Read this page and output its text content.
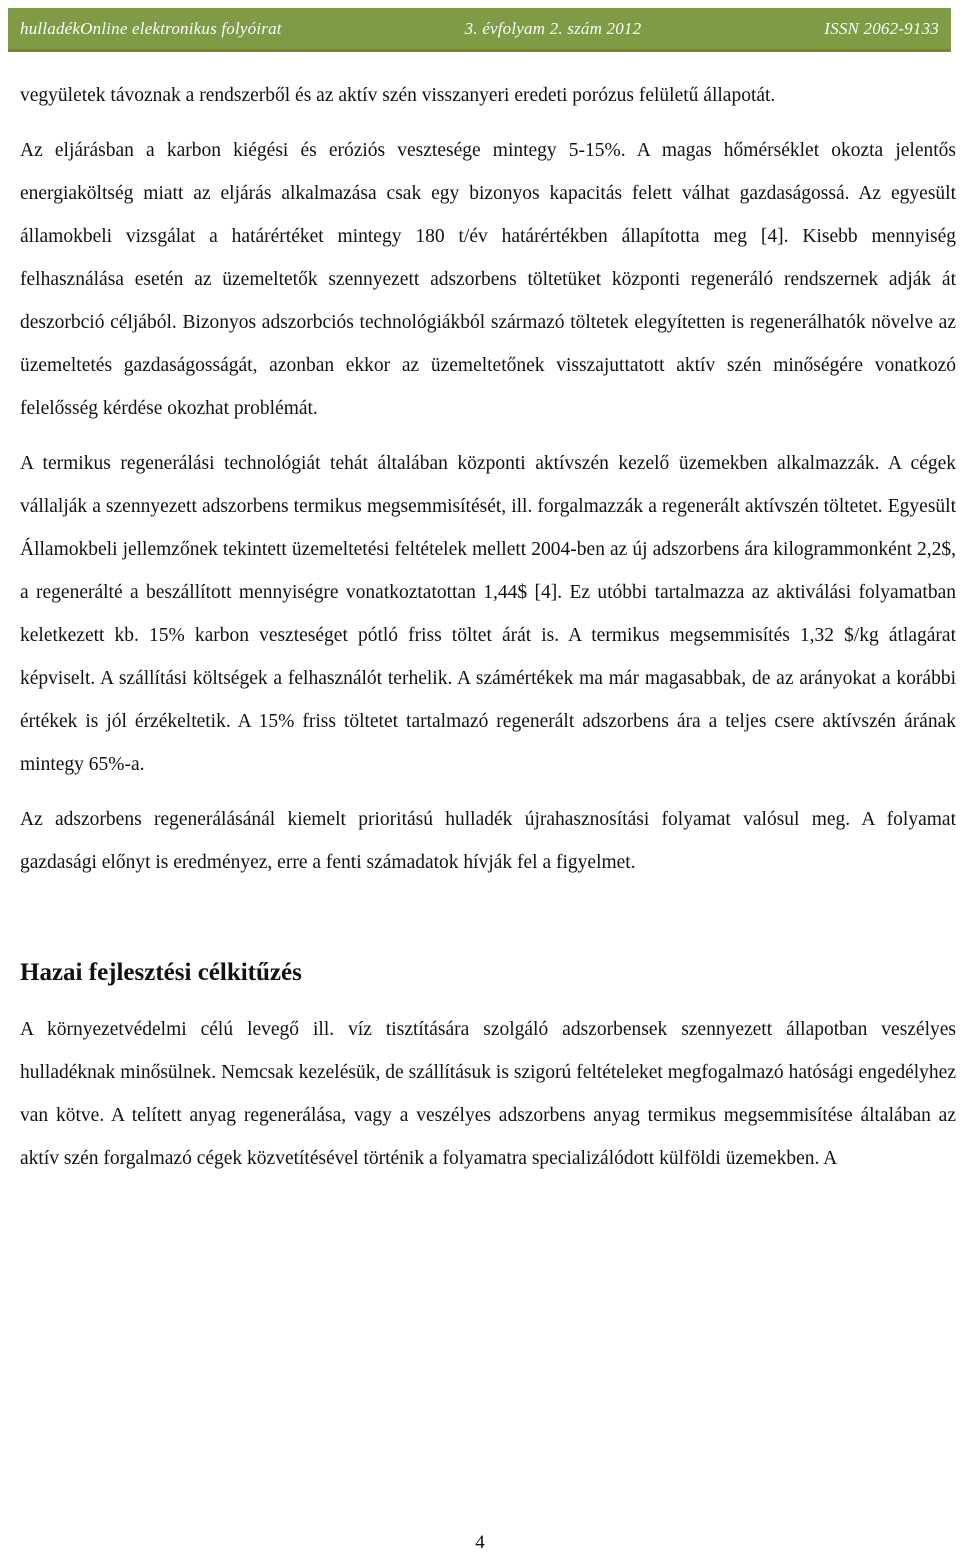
hulladékOnline elektronikus folyóirat	3. évfolyam 2. szám 2012	ISSN 2062-9133

vegyületek távoznak a rendszerből és az aktív szén visszanyeri eredeti porózus felületű állapotát.

Az eljárásban a karbon kiégési és eróziós vesztesége mintegy 5-15%. A magas hőmérséklet okozta jelentős energiaköltség miatt az eljárás alkalmazása csak egy bizonyos kapacitás felett válhat gazdaságossá. Az egyesült államokbeli vizsgálat a határértéket mintegy 180 t/év határértékben állapította meg [4]. Kisebb mennyiség felhasználása esetén az üzemeltetők szennyezett adszorbens töltetüket központi regeneráló rendszernek adják át deszorbció céljából. Bizonyos adszorbciós technológiákból származó töltetek elegyítetten is regenerálhatók növelve az üzemeltetés gazdaságosságát, azonban ekkor az üzemeltetőnek visszajuttatott aktív szén minőségére vonatkozó felelősség kérdése okozhat problémát.

A termikus regenerálási technológiát tehát általában központi aktívszén kezelő üzemekben alkalmazzák. A cégek vállalják a szennyezett adszorbens termikus megsemmisítését, ill. forgalmazzák a regenerált aktívszén töltetet. Egyesült Államokbeli jellemzőnek tekintett üzemeltetési feltételek mellett 2004-ben az új adszorbens ára kilogrammonként 2,2$, a regenerálté a beszállított mennyiségre vonatkoztatottan 1,44$ [4]. Ez utóbbi tartalmazza az aktiválási folyamatban keletkezett kb. 15% karbon veszteséget pótló friss töltet árát is. A termikus megsemmisítés 1,32 $/kg átlagárat képviselt. A szállítási költségek a felhasználót terhelik. A számértékek ma már magasabbak, de az arányokat a korábbi értékek is jól érzékeltetik. A 15% friss töltetet tartalmazó regenerált adszorbens ára a teljes csere aktívszén árának mintegy 65%-a.

Az adszorbens regenerálásánál kiemelt prioritású hulladék újrahasznosítási folyamat valósul meg. A folyamat gazdasági előnyt is eredményez, erre a fenti számadatok hívják fel a figyelmet.

Hazai fejlesztési célkitűzés

A környezetvédelmi célú levegő ill. víz tisztítására szolgáló adszorbensek szennyezett állapotban veszélyes hulladéknak minősülnek. Nemcsak kezelésük, de szállításuk is szigorú feltételeket megfogalmazó hatósági engedélyhez van kötve. A telített anyag regenerálása, vagy a veszélyes adszorbens anyag termikus megsemmisítése általában az aktív szén forgalmazó cégek közvetítésével történik a folyamatra specializálódott külföldi üzemekben. A

4
